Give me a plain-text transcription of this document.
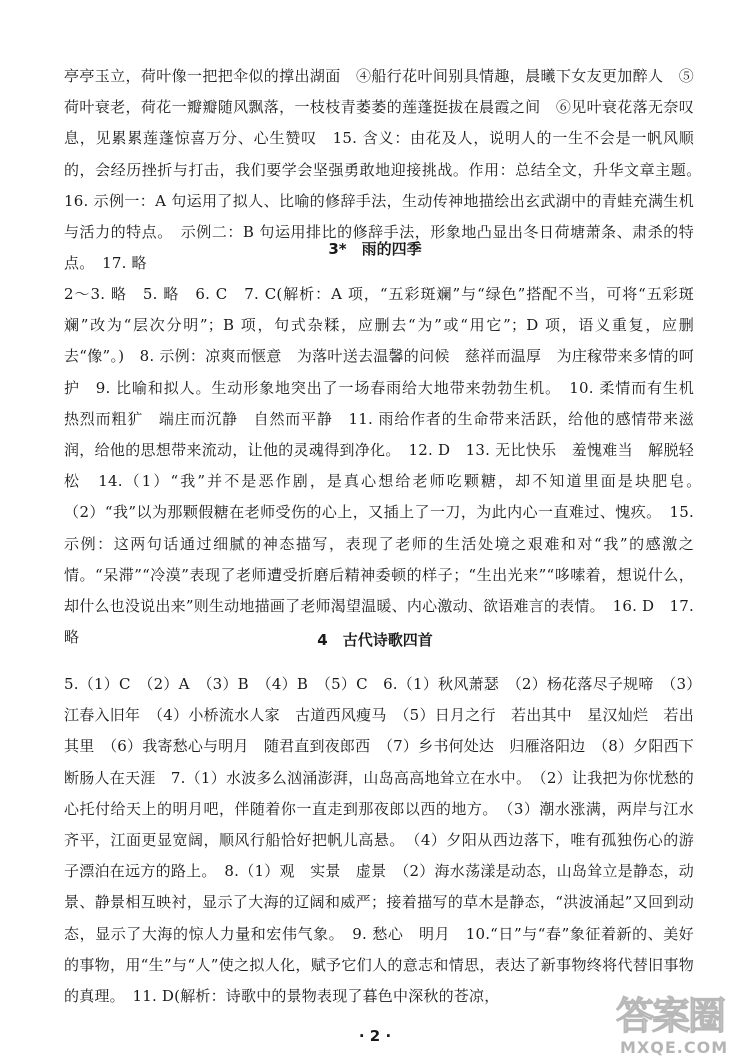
亭亭玉立，荷叶像一把把伞似的撑出湖面　④船行花叶间别具情趣，晨曦下女友更加醉人　⑤荷叶衰老，荷花一瓣瓣随风飘落，一枝枝青萎萎的莲蓬挺拔在晨霞之间　⑥见叶衰花落无奈叹息，见累累莲蓬惊喜万分、心生赞叹　15. 含义：由花及人，说明人的一生不会是一帆风顺的，会经历挫折与打击，我们要学会坚强勇敢地迎接挑战。作用：总结全文，升华文章主题。　16. 示例一：A 句运用了拟人、比喻的修辞手法，生动传神地描绘出玄武湖中的青蛙充满生机与活力的特点。　示例二：B 句运用排比的修辞手法，形象地凸显出冬日荷塘萧条、肃杀的特点。　17. 略
3*　雨的四季
2～3. 略　5. 略　6. C　7. C(解析：A 项，“五彩斑斓”与“绿色”搭配不当，可将“五彩斑斓”改为“层次分明”；B 项，句式杂糅，应删去“为”或“用它”；D 项，语义重复，应删去“像”。)　8. 示例：凉爽而惬意　为落叶送去温馨的问候　慈祥而温厚　为庄稼带来多情的呵护　9. 比喻和拟人。生动形象地突出了一场春雨给大地带来勃勃生机。　10. 柔情而有生机　热烈而粗犷　端庄而沉静　自然而平静　11. 雨给作者的生命带来活跃，给他的感情带来滋润，给他的思想带来流动，让他的灵魂得到净化。　12. D　13. 无比快乐　羞愧难当　解脱轻松　14.（1）“我”并不是恶作剧，是真心想给老师吃颗糖，却不知道里面是块肥皂。　（2）“我”以为那颗假糖在老师受伤的心上，又插上了一刀，为此内心一直难过、愧疚。　15. 示例：这两句话通过细腻的神态描写，表现了老师的生活处境之艰难和对“我”的感激之情。“呆滞”“冷漠”表现了老师遭受折磨后精神委顿的样子；“生出光来”“哆嗦着，想说什么，却什么也没说出来”则生动地描画了老师渴望温暖、内心激动、欲语难言的表情。　16. D　17. 略	4　古代诗歌四首
5.（1）C　（2）A　（3）B　（4）B　（5）C　6.（1）秋风萧瑟　（2）杨花落尽子规啼　（3）江春入旧年　（4）小桥流水人家　古道西风瘦马　（5）日月之行　若出其中　星汉灿烂　若出其里　（6）我寄愁心与明月　随君直到夜郎西　（7）乡书何处达　归雁洛阳边　（8）夕阳西下　断肠人在天涯　7.（1）水波多么汹涌澎湃，山岛高高地耸立在水中。　（2）让我把为你忧愁的心托付给天上的明月吧，伴随着你一直走到那夜郎以西的地方。　（3）潮水涨满，两岸与江水齐平，江面更显宽阔，顺风行船恰好把帆儿高悬。　（4）夕阳从西边落下，唯有孤独伤心的游子漂泊在远方的路上。　8.（1）观　实景　虚景　（2）海水荡漾是动态，山岛耸立是静态，动景、静景相互映衬，显示了大海的辽阔和威严；接着描写的草木是静态，“洪波涌起”又回到动态，显示了大海的惊人力量和宏伟气象。　9. 愁心　明月　10.“日”与“春”象征着新的、美好的事物，用“生”与“人”使之拟人化，赋予它们人的意志和情思，表达了新事物终将代替旧事物的真理。　11. D(解析：诗歌中的景物表现了暮色中深秋的苍凉，
· 2 ·	答案圈
MXQE.COM
